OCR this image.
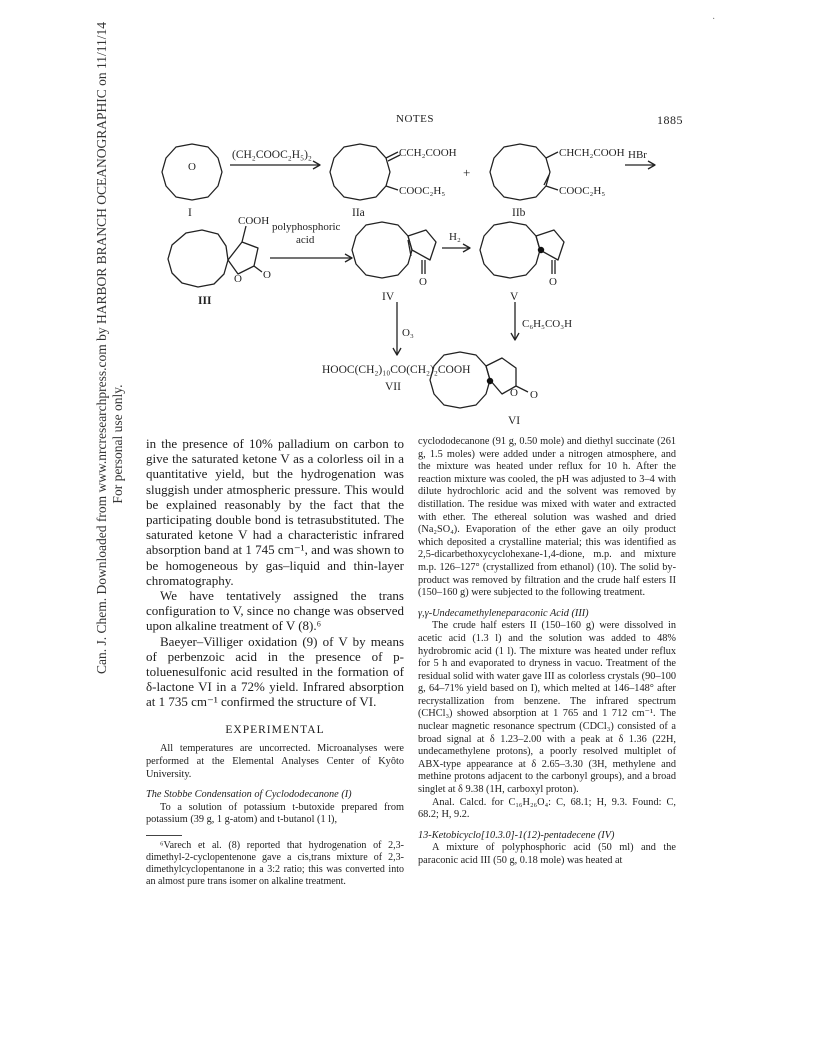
Can. J. Chem. Downloaded from www.nrcresearchpress.com by HARBOR BRANCH OCEANOGRAPHIC on 11/11/14 For personal use only.
·
NOTES	1885
O
(CH₂COOC₂H₅)₂	CCH₂COOH
COOC₂H₅
+
CHCH₂COOH
COOC₂H₅
HBr
COOH
O O
polyphosphoric
acid
O
H₂
O
O₃
C₆H₅CO₃H
HOOC(CH₂)₁₀CO(CH₂)₂COOH
O O
I	IIa	IIb
III	IV	V
VII
VI

in the presence of 10% palladium on carbon to give the saturated ketone V as a colorless oil in a quantitative yield, but the hydrogenation was sluggish under atmospheric pressure. This would be explained reasonably by the fact that the participating double bond is tetrasubstituted. The saturated ketone V had a characteristic infrared absorption band at 1 745 cm⁻¹, and was shown to be homogeneous by gas–liquid and thin-layer chromatography.

We have tentatively assigned the trans configuration to V, since no change was observed upon alkaline treatment of V (8).⁶

Baeyer–Villiger oxidation (9) of V by means of perbenzoic acid in the presence of p-toluenesulfonic acid resulted in the formation of δ-lactone VI in a 72% yield. Infrared absorption at 1 735 cm⁻¹ confirmed the structure of VI.

EXPERIMENTAL

All temperatures are uncorrected. Microanalyses were performed at the Elemental Analyses Center of Kyôto University.

The Stobbe Condensation of Cyclododecanone (I)

To a solution of potassium t-butoxide prepared from potassium (39 g, 1 g-atom) and t-butanol (1 l),

⁶Varech et al. (8) reported that hydrogenation of 2,3-dimethyl-2-cyclopentenone gave a cis,trans mixture of 2,3-dimethylcyclopentanone in a 3:2 ratio; this was converted into an almost pure trans isomer on alkaline treatment.

cyclododecanone (91 g, 0.50 mole) and diethyl succinate (261 g, 1.5 moles) were added under a nitrogen atmosphere, and the mixture was heated under reflux for 10 h. After the reaction mixture was cooled, the pH was adjusted to 3–4 with dilute hydrochloric acid and the solvent was removed by distillation. The residue was mixed with water and extracted with ether. The ethereal solution was washed and dried (Na₂SO₄). Evaporation of the ether gave an oily product which deposited a crystalline material; this was identified as 2,5-dicarbethoxycyclohexane-1,4-dione, m.p. and mixture m.p. 126–127° (crystallized from ethanol) (10). The solid by-product was removed by filtration and the crude half esters II (150–160 g) were subjected to the following treatment.

γ,γ-Undecamethyleneparaconic Acid (III)

The crude half esters II (150–160 g) were dissolved in acetic acid (1.3 l) and the solution was added to 48% hydrobromic acid (1 l). The mixture was heated under reflux for 5 h and evaporated to dryness in vacuo. Treatment of the residual solid with water gave III as colorless crystals (90–100 g, 64–71% yield based on I), which melted at 146–148° after recrystallization from benzene. The infrared spectrum (CHCl₃) showed absorption at 1 765 and 1 712 cm⁻¹. The nuclear magnetic resonance spectrum (CDCl₃) consisted of a broad signal at δ 1.23–2.00 with a peak at δ 1.36 (22H, undecamethylene protons), a poorly resolved multiplet of ABX-type appearance at δ 2.65–3.30 (3H, methylene and methine protons adjacent to the carbonyl groups), and a broad singlet at δ 9.38 (1H, carboxyl proton).

Anal. Calcd. for C₁₆H₂₆O₄: C, 68.1; H, 9.3. Found: C, 68.2; H, 9.2.

13-Ketobicyclo[10.3.0]-1(12)-pentadecene (IV)

A mixture of polyphosphoric acid (50 ml) and the paraconic acid III (50 g, 0.18 mole) was heated at
